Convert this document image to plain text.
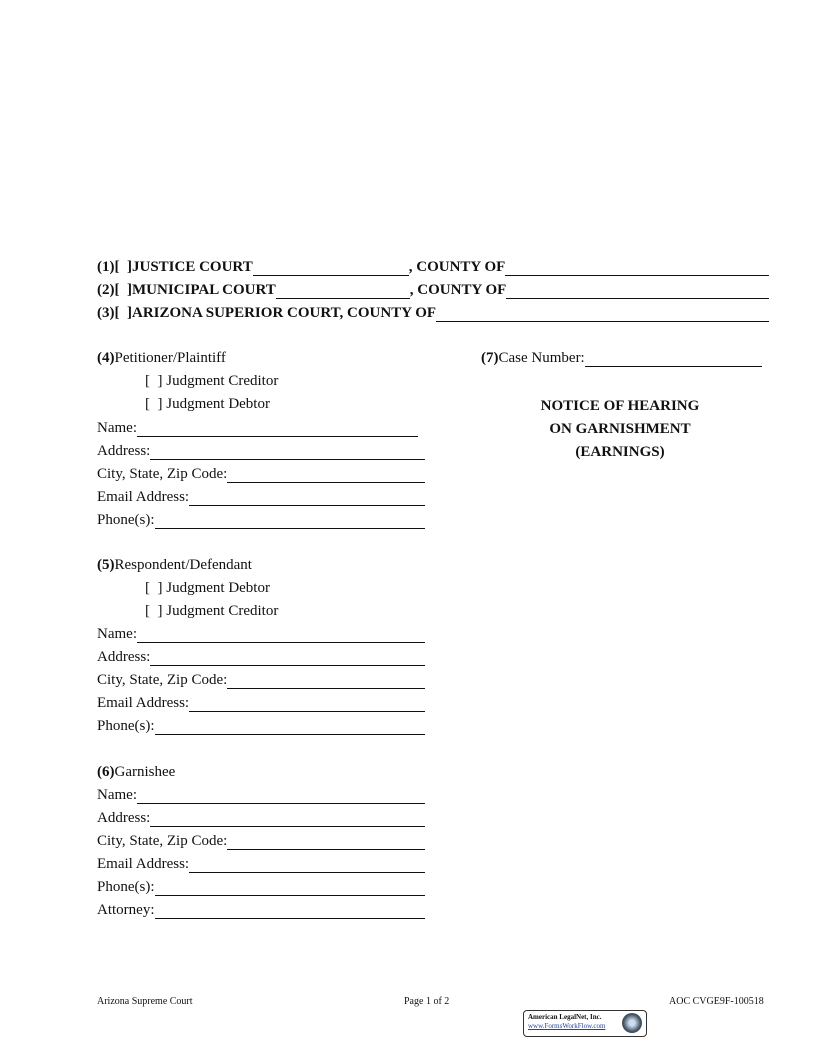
(1) [  ] JUSTICE COURT	, COUNTY OF
(2) [  ] MUNICIPAL COURT	, COUNTY OF
(3) [  ] ARIZONA SUPERIOR COURT, COUNTY OF
(4) Petitioner/Plaintiff
[  ] Judgment Creditor
[  ] Judgment Debtor
Name:
Address:
City, State, Zip Code:
Email Address:
Phone(s):
(5) Respondent/Defendant
[  ] Judgment Debtor
[  ] Judgment Creditor
Name:
Address:
City, State, Zip Code:
Email Address:
Phone(s):
(6) Garnishee
Name:
Address:
City, State, Zip Code:
Email Address:
Phone(s):
Attorney:
(7) Case Number:
NOTICE OF HEARING
ON GARNISHMENT
(EARNINGS)
Arizona Supreme Court	Page 1 of 2	AOC CVGE9F-100518
American LegalNet, Inc.
www.FormsWorkFlow.com
